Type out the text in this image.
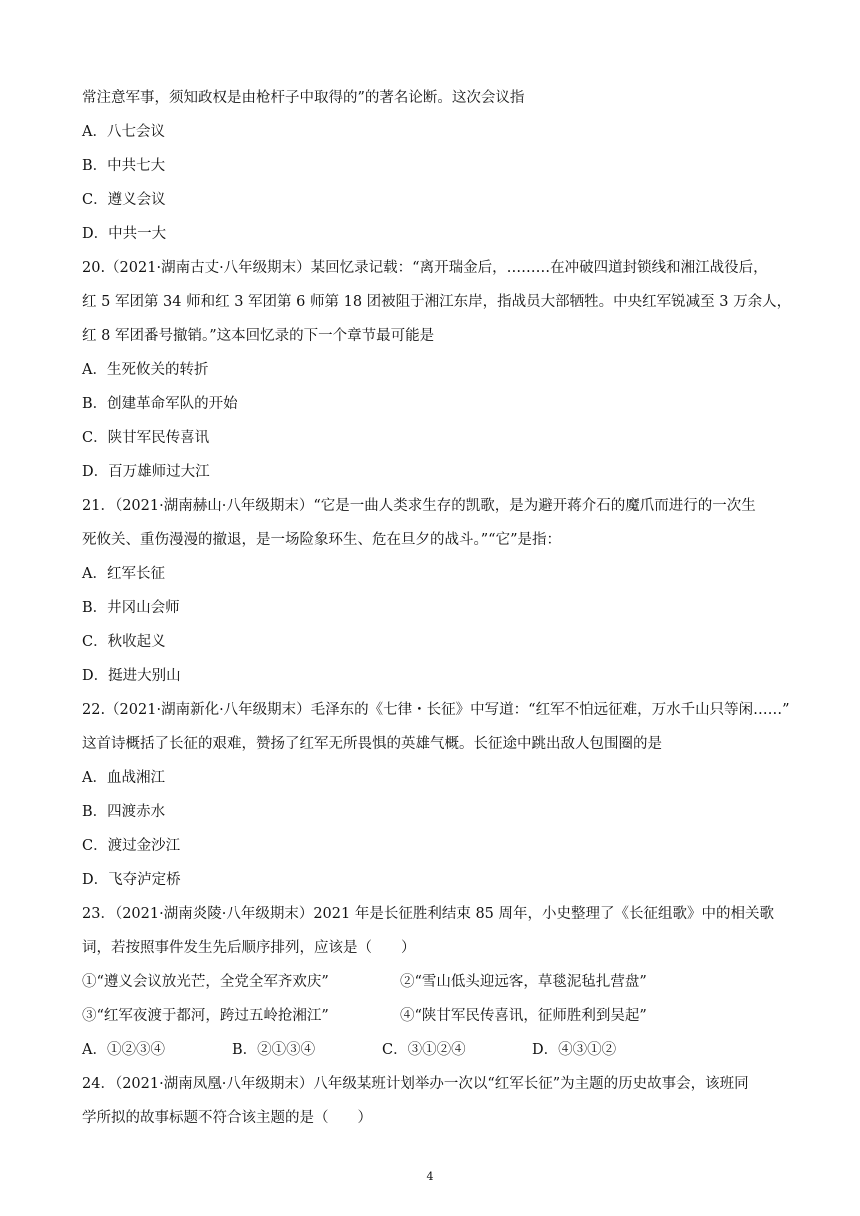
常注意军事，须知政权是由枪杆子中取得的”的著名论断。这次会议指
A．八七会议
B．中共七大
C．遵义会议
D．中共一大
20.（2021·湖南古丈·八年级期末）某回忆录记载：“离开瑞金后，………在冲破四道封锁线和湘江战役后，
红 5 军团第 34 师和红 3 军团第 6 师第 18 团被阻于湘江东岸，指战员大部牺牲。中央红军锐减至 3 万余人，
红 8 军团番号撤销。”这本回忆录的下一个章节最可能是
A．生死攸关的转折
B．创建革命军队的开始
C．陕甘军民传喜讯
D．百万雄师过大江
21．（2021·湖南赫山·八年级期末）“它是一曲人类求生存的凯歌，是为避开蒋介石的魔爪而进行的一次生
死攸关、重伤漫漫的撤退，是一场险象环生、危在旦夕的战斗。”“它”是指：
A．红军长征
B．井冈山会师
C．秋收起义
D．挺进大别山
22.（2021·湖南新化·八年级期末）毛泽东的《七律・长征》中写道：“红军不怕远征难，万水千山只等闲……”
这首诗概括了长征的艰难，赞扬了红军无所畏惧的英雄气概。长征途中跳出敌人包围圈的是
A．血战湘江
B．四渡赤水
C．渡过金沙江
D．飞夺泸定桥
23．（2021·湖南炎陵·八年级期末）2021 年是长征胜利结束 85 周年，小史整理了《长征组歌》中的相关歌
词，若按照事件发生先后顺序排列，应该是（　　）
①“遵义会议放光芒，全党全军齐欢庆”	②“雪山低头迎远客，草毯泥毡扎营盘”
③“红军夜渡于都河，跨过五岭抢湘江”	④“陕甘军民传喜讯，征师胜利到吴起”
A．①②③④	B．②①③④	C．③①②④	D．④③①②
24．（2021·湖南凤凰·八年级期末）八年级某班计划举办一次以“红军长征”为主题的历史故事会，该班同
学所拟的故事标题不符合该主题的是（　　）
4
